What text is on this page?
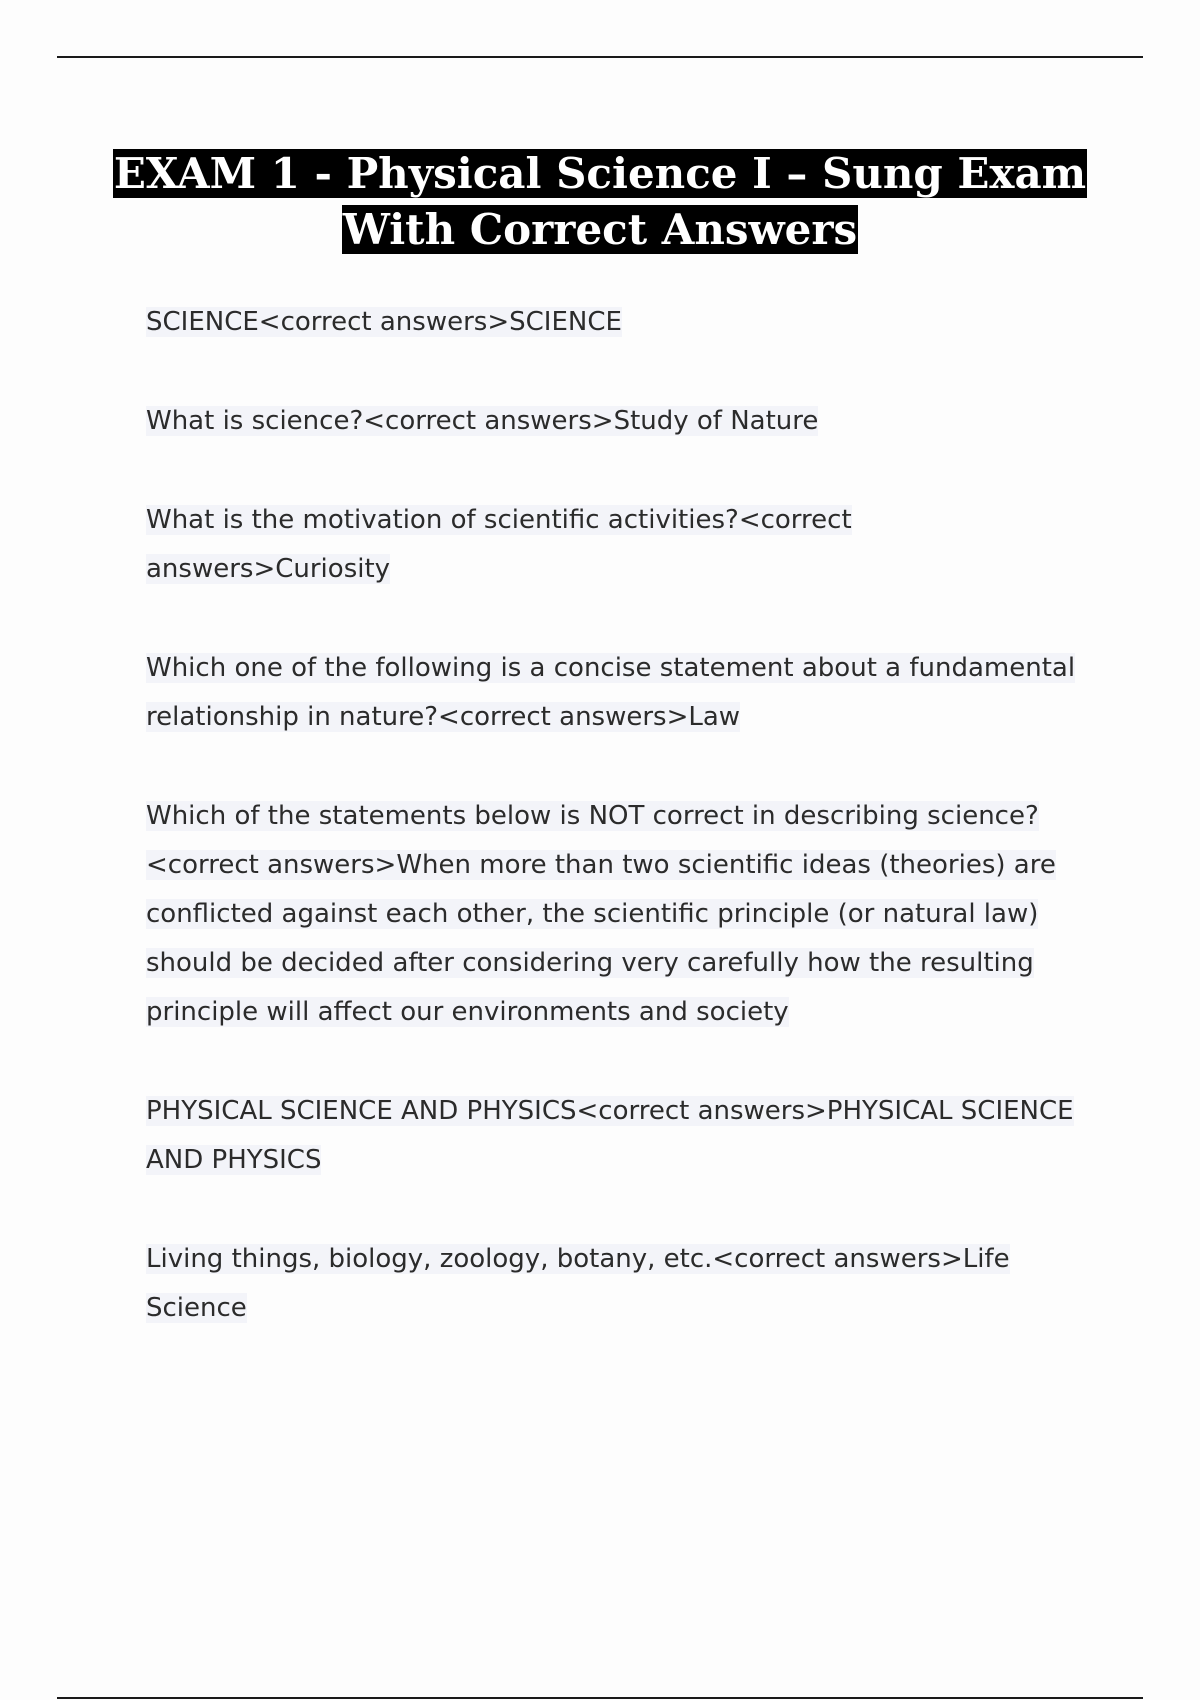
EXAM 1 - Physical Science I – Sung Exam
With Correct Answers

SCIENCE<correct answers>SCIENCE

What is science?<correct answers>Study of Nature

What is the motivation of scientific activities?<correct answers>Curiosity

Which one of the following is a concise statement about a fundamental relationship in nature?<correct answers>Law

Which of the statements below is NOT correct in describing science?<correct answers>When more than two scientific ideas (theories) are conflicted against each other, the scientific principle (or natural law) should be decided after considering very carefully how the resulting principle will affect our environments and society

PHYSICAL SCIENCE AND PHYSICS<correct answers>PHYSICAL SCIENCE AND PHYSICS

Living things, biology, zoology, botany, etc.<correct answers>Life Science
